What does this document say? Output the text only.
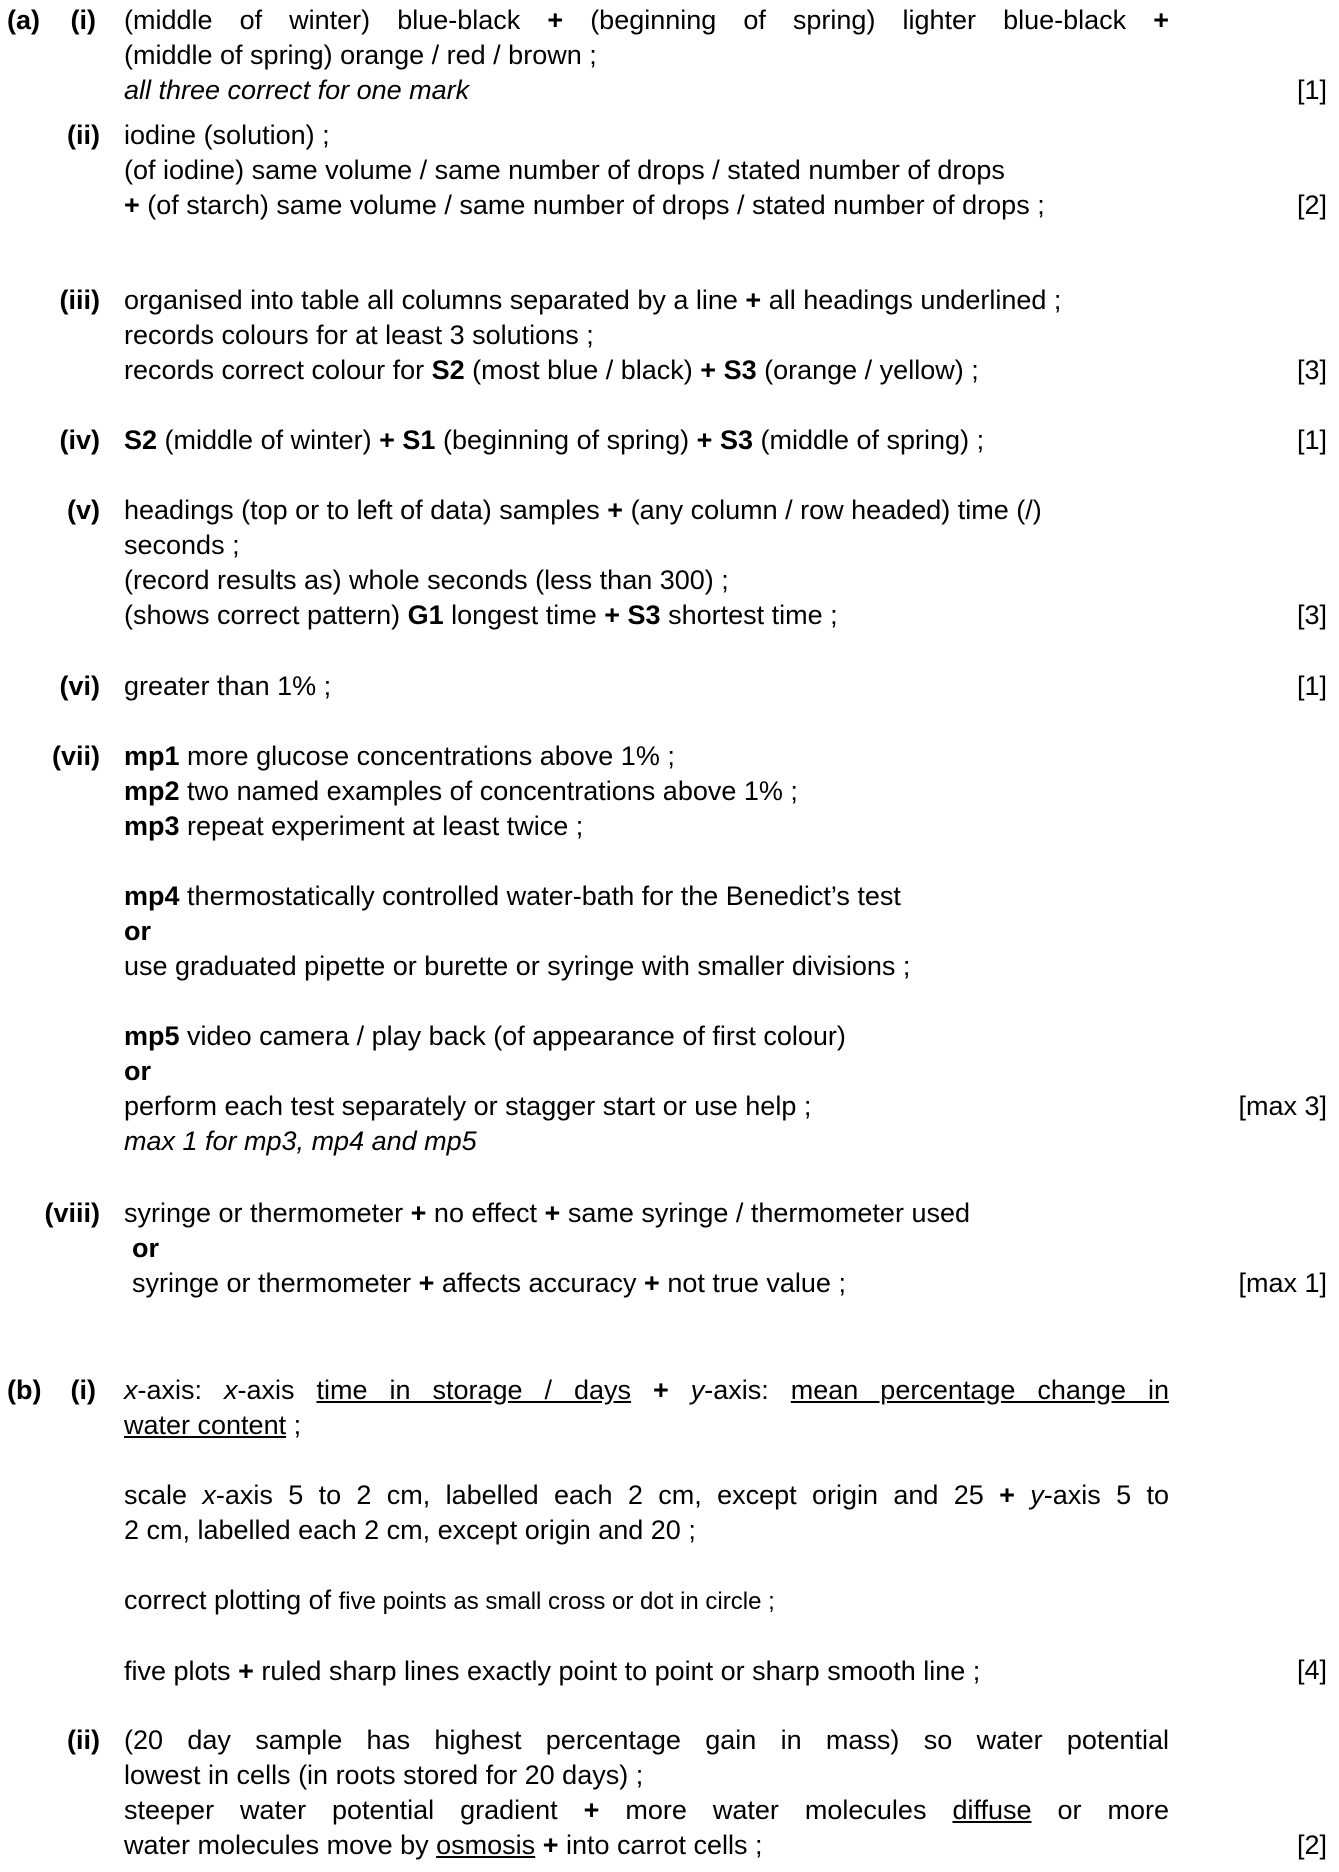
(a)	(i) (middle of winter) blue-black + (beginning of spring) lighter blue-black +
(middle of spring) orange / red / brown ;
all three correct for one mark	[1]
(ii) iodine (solution) ;
(of iodine) same volume / same number of drops / stated number of drops
+ (of starch) same volume / same number of drops / stated number of drops ;	[2]
(iii) organised into table all columns separated by a line + all headings underlined ;
records colours for at least 3 solutions ;
records correct colour for S2 (most blue / black) + S3 (orange / yellow) ;	[3]
(iv) S2 (middle of winter) + S1 (beginning of spring) + S3 (middle of spring) ;	[1]
(v) headings (top or to left of data) samples + (any column / row headed) time (/)
seconds ;
(record results as) whole seconds (less than 300) ;
(shows correct pattern) G1 longest time + S3 shortest time ;	[3]
(vi) greater than 1% ;	[1]
(vii) mp1 more glucose concentrations above 1% ;
mp2 two named examples of concentrations above 1% ;
mp3 repeat experiment at least twice ;
mp4 thermostatically controlled water-bath for the Benedict’s test
or
use graduated pipette or burette or syringe with smaller divisions ;
mp5 video camera / play back (of appearance of first colour)
or
perform each test separately or stagger start or use help ;
max 1 for mp3, mp4 and mp5
[max 3]
(viii) syringe or thermometer + no effect + same syringe / thermometer used
or
syringe or thermometer + affects accuracy + not true value ;	[max 1]
(b)	(i) x-axis: x-axis time in storage / days + y-axis: mean percentage change in
water content ;
scale x-axis 5 to 2 cm, labelled each 2 cm, except origin and 25 + y-axis 5 to
2 cm, labelled each 2 cm, except origin and 20 ;
correct plotting of five points as small cross or dot in circle ;
five plots + ruled sharp lines exactly point to point or sharp smooth line ;	[4]
(ii) (20 day sample has highest percentage gain in mass) so water potential
lowest in cells (in roots stored for 20 days) ;
steeper water potential gradient + more water molecules diffuse or more
water molecules move by osmosis + into carrot cells ;	[2]
